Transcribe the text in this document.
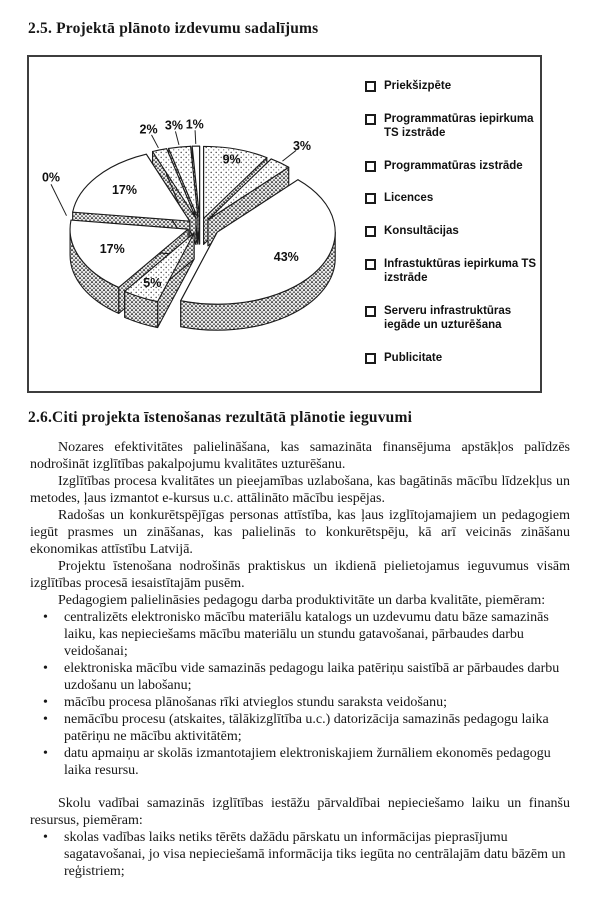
2.5. Projektā plānoto izdevumu sadalījums
9%
3%
43%
5%
17%
0%
17%
2% 3% 1%
Priekšizpēte
Programmatūras iepirkuma TS izstrāde
Programmatūras izstrāde
Licences
Konsultācijas
Infrastuktūras iepirkuma TS izstrāde
Serveru infrastruktūras iegāde un uzturēšana
Publicitate
2.6.Citi projekta īstenošanas rezultātā plānotie ieguvumi

Nozares efektivitātes palielināšana, kas samazināta finansējuma apstākļos palīdzēs nodrošināt izglītības pakalpojumu kvalitātes uzturēšanu.

Izglītības procesa kvalitātes un pieejamības uzlabošana, kas bagātinās mācību līdzekļus un metodes, ļaus izmantot e-kursus u.c. attālināto mācību iespējas.

Radošas un konkurētspējīgas personas attīstība, kas ļaus izglītojamajiem un pedagogiem iegūt prasmes un zināšanas, kas palielinās to konkurētspēju, kā arī veicinās zināšanu ekonomikas attīstību Latvijā.

Projektu īstenošana nodrošinās praktiskus un ikdienā pielietojamus ieguvumus visām izglītības procesā iesaistītajām pusēm.

Pedagogiem palielināsies pedagogu darba produktivitāte un darba kvalitāte, piemēram:

•	centralizēts elektronisko mācību materiālu katalogs un uzdevumu datu bāze samazinās laiku, kas nepieciešams mācību materiālu un stundu gatavošanai, pārbaudes darbu veidošanai;
•	elektroniska mācību vide samazinās pedagogu laika patēriņu saistībā ar pārbaudes darbu uzdošanu un labošanu;
•	mācību procesa plānošanas rīki atvieglos stundu saraksta veidošanu;
•	nemācību procesu (atskaites, tālākizglītība u.c.) datorizācija samazinās pedagogu laika patēriņu ne mācību aktivitātēm;
•	datu apmaiņu ar skolās izmantotajiem elektroniskajiem žurnāliem ekonomēs pedagogu laika resursu.

Skolu vadībai samazinās izglītības iestāžu pārvaldībai nepieciešamo laiku un finanšu resursus, piemēram:

•	skolas vadības laiks netiks tērēts dažādu pārskatu un informācijas pieprasījumu sagatavošanai, jo visa nepieciešamā informācija tiks iegūta no centrālajām datu bāzēm un reģistriem;
